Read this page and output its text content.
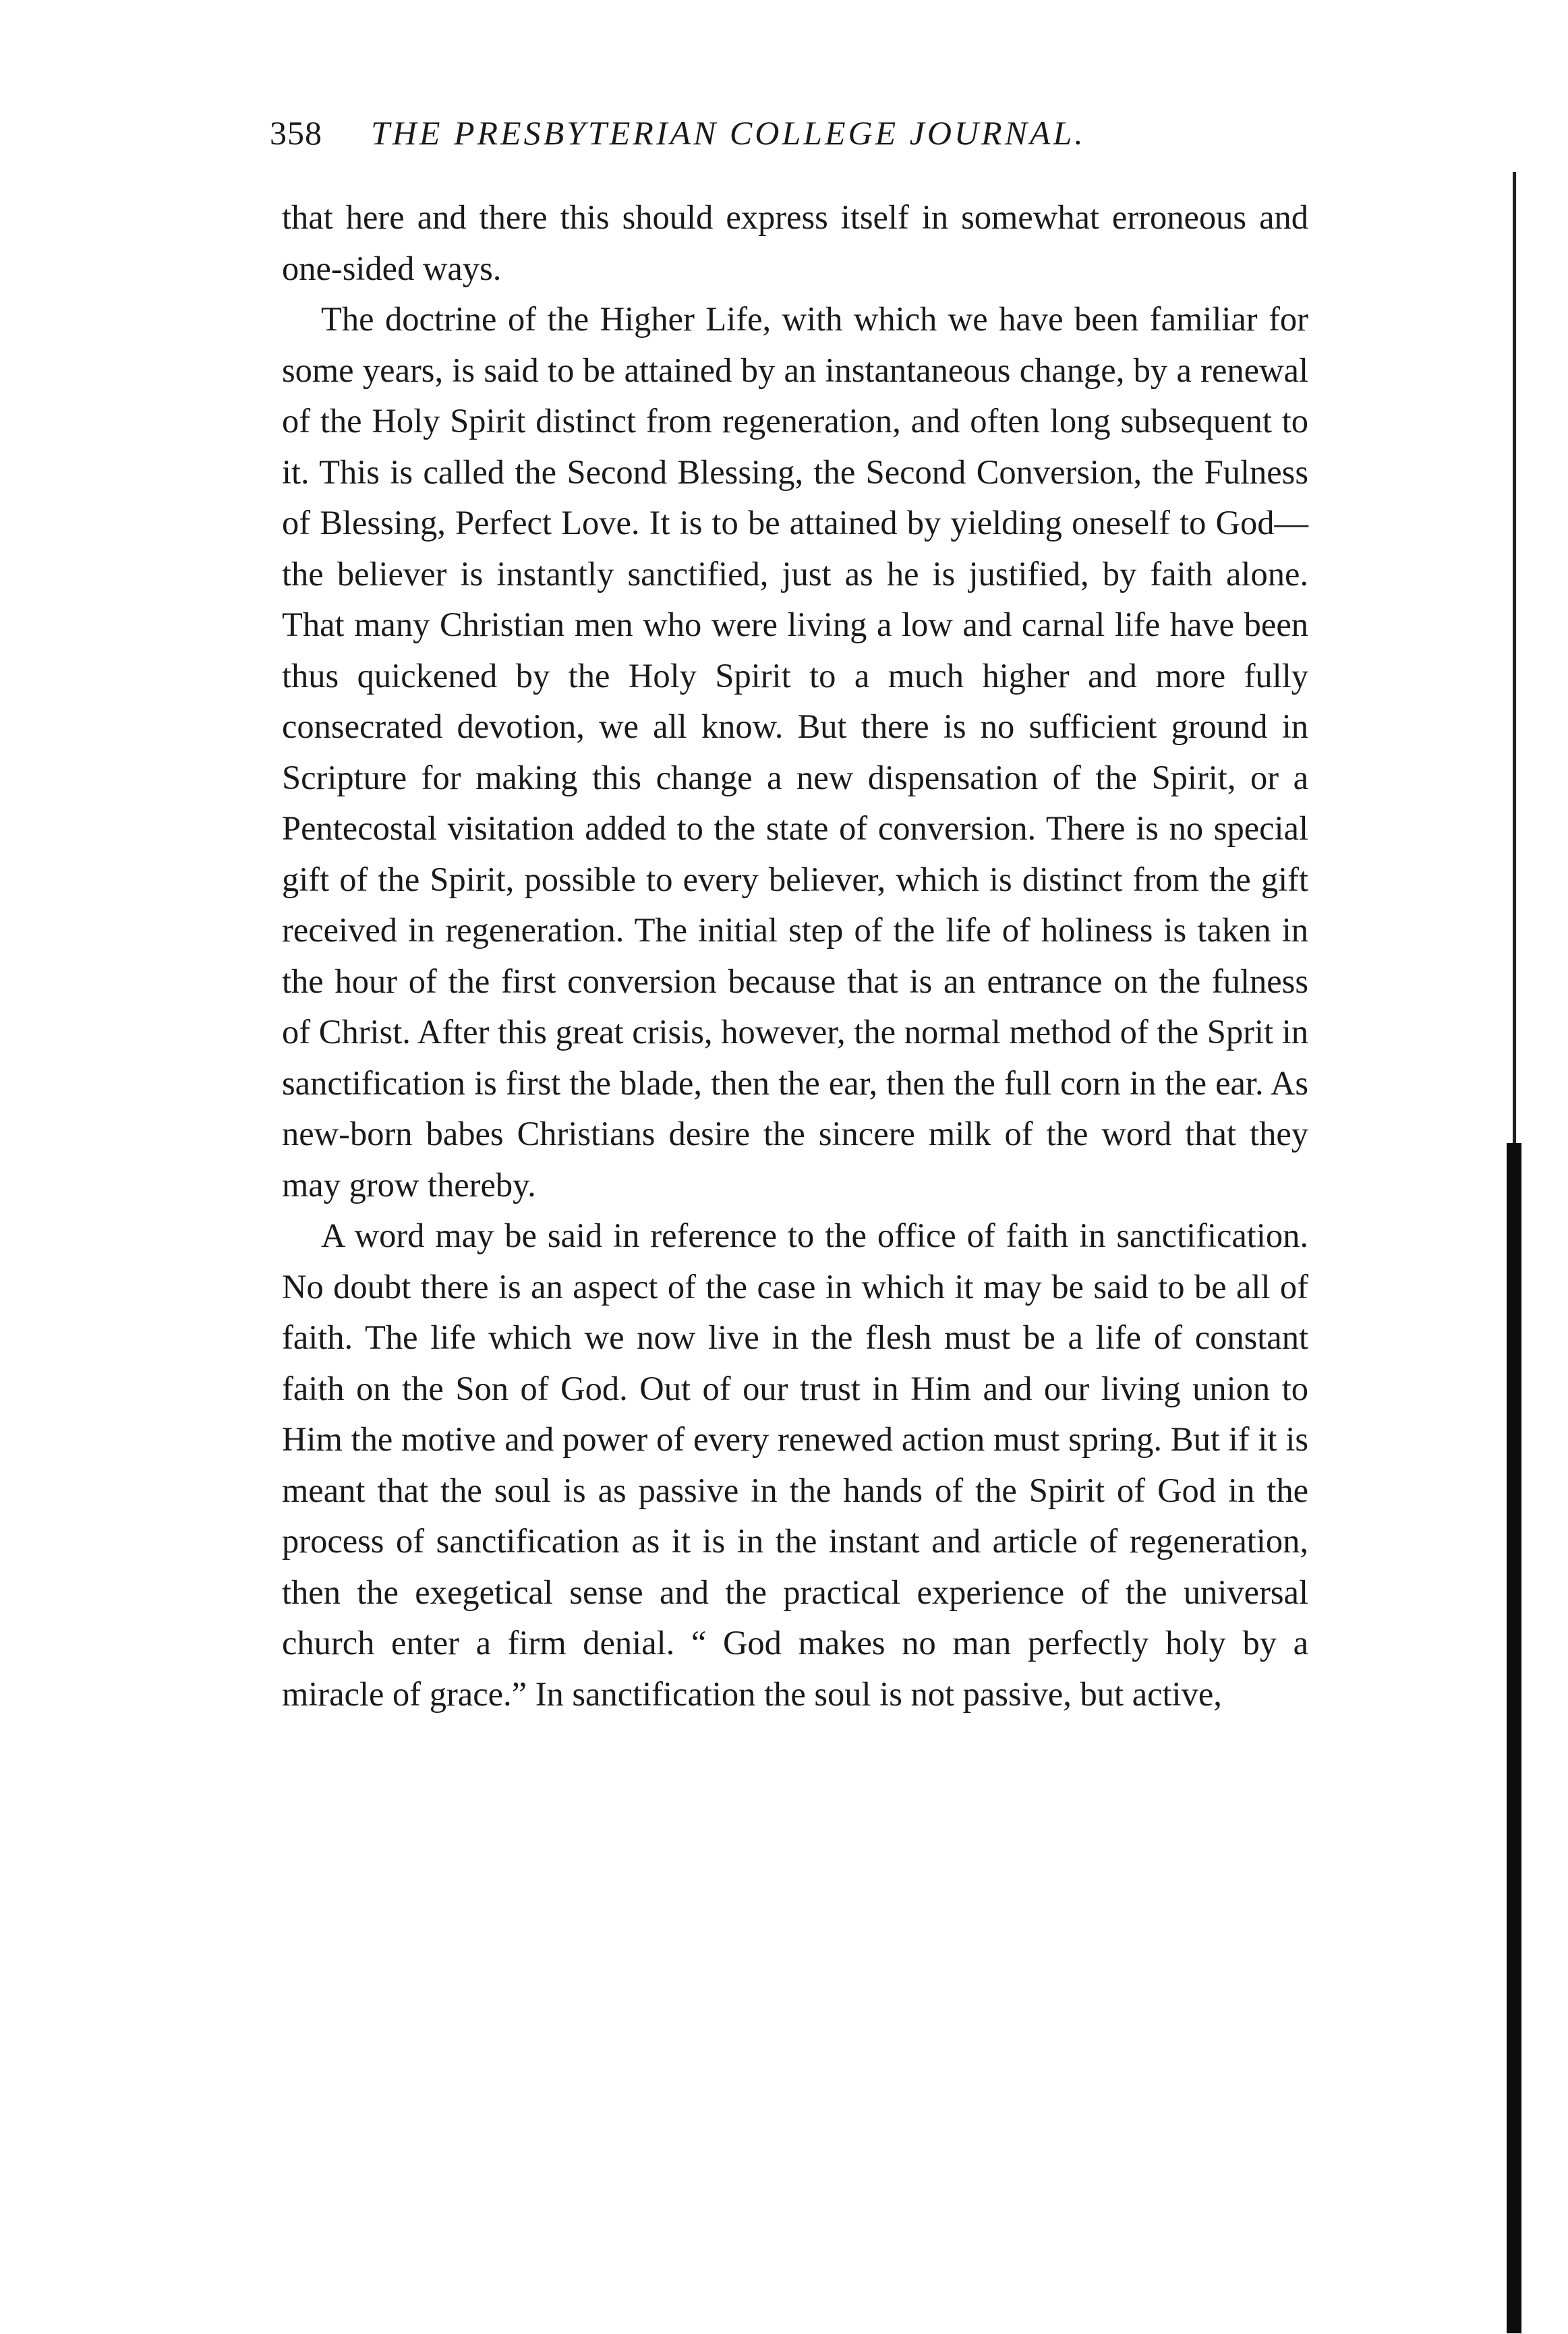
358	THE PRESBYTERIAN COLLEGE JOURNAL.

that here and there this should express itself in somewhat erroneous and one-sided ways.

The doctrine of the Higher Life, with which we have been familiar for some years, is said to be attained by an instantaneous change, by a renewal of the Holy Spirit distinct from regeneration, and often long subsequent to it. This is called the Second Blessing, the Second Conversion, the Fulness of Blessing, Perfect Love. It is to be attained by yielding oneself to God—the believer is instantly sanctified, just as he is justified, by faith alone. That many Christian men who were living a low and carnal life have been thus quickened by the Holy Spirit to a much higher and more fully consecrated devotion, we all know. But there is no sufficient ground in Scripture for making this change a new dispensation of the Spirit, or a Pentecostal visitation added to the state of conversion. There is no special gift of the Spirit, possible to every believer, which is distinct from the gift received in regeneration. The initial step of the life of holiness is taken in the hour of the first conversion because that is an entrance on the fulness of Christ. After this great crisis, however, the normal method of the Sprit in sanctification is first the blade, then the ear, then the full corn in the ear. As new-born babes Christians desire the sincere milk of the word that they may grow thereby.

A word may be said in reference to the office of faith in sanctification. No doubt there is an aspect of the case in which it may be said to be all of faith. The life which we now live in the flesh must be a life of constant faith on the Son of God. Out of our trust in Him and our living union to Him the motive and power of every renewed action must spring. But if it is meant that the soul is as passive in the hands of the Spirit of God in the process of sanctification as it is in the instant and article of regeneration, then the exegetical sense and the practical experience of the universal church enter a firm denial. “ God makes no man perfectly holy by a miracle of grace.” In sanctification the soul is not passive, but active,
